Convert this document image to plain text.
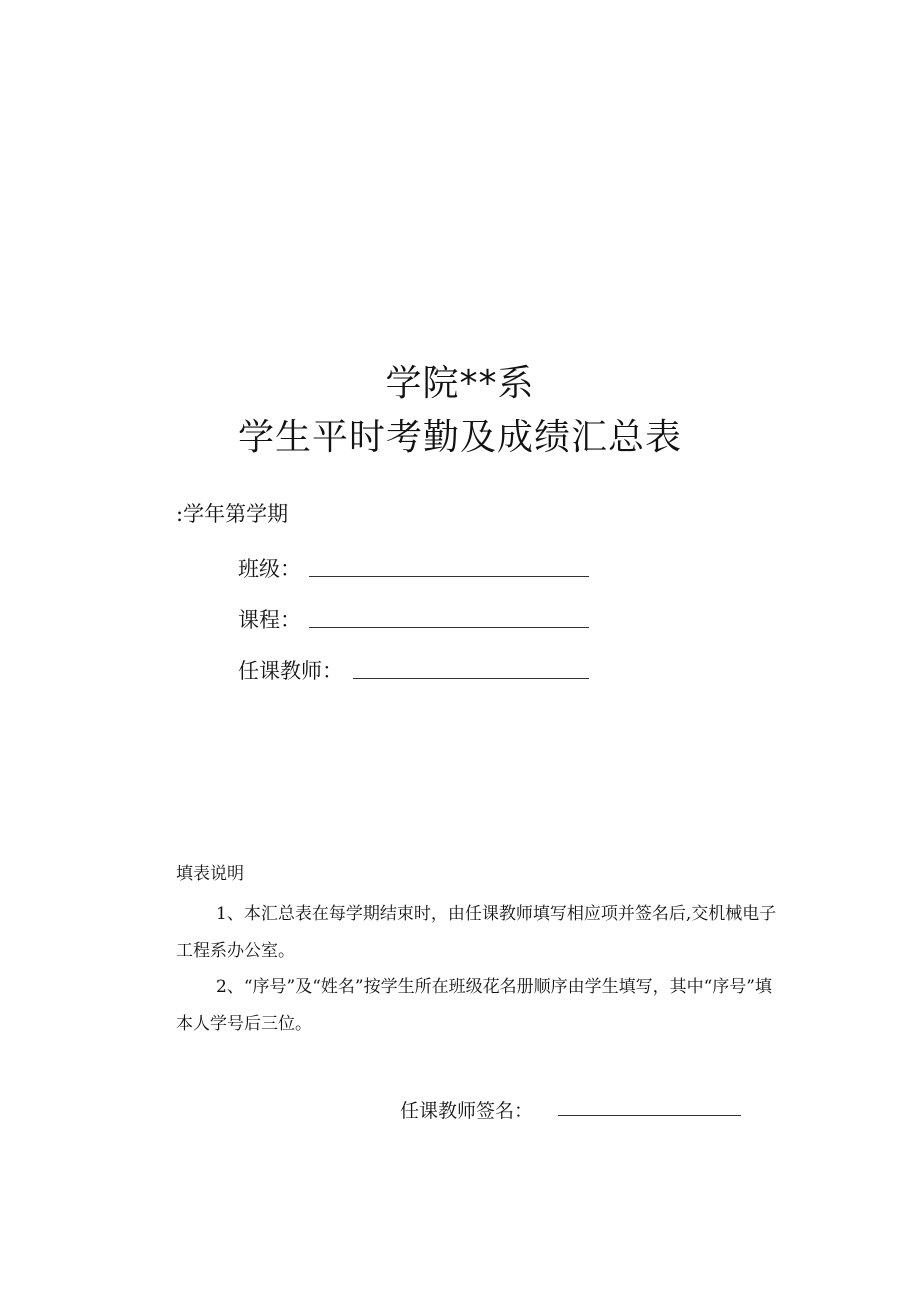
学院**系
学生平时考勤及成绩汇总表
:学年第学期
班级：
课程：
任课教师：
填表说明
1、本汇总表在每学期结束时，由任课教师填写相应项并签名后,交机械电子工程系办公室。
2、“序号”及“姓名”按学生所在班级花名册顺序由学生填写，其中“序号”填本人学号后三位。
任课教师签名：
